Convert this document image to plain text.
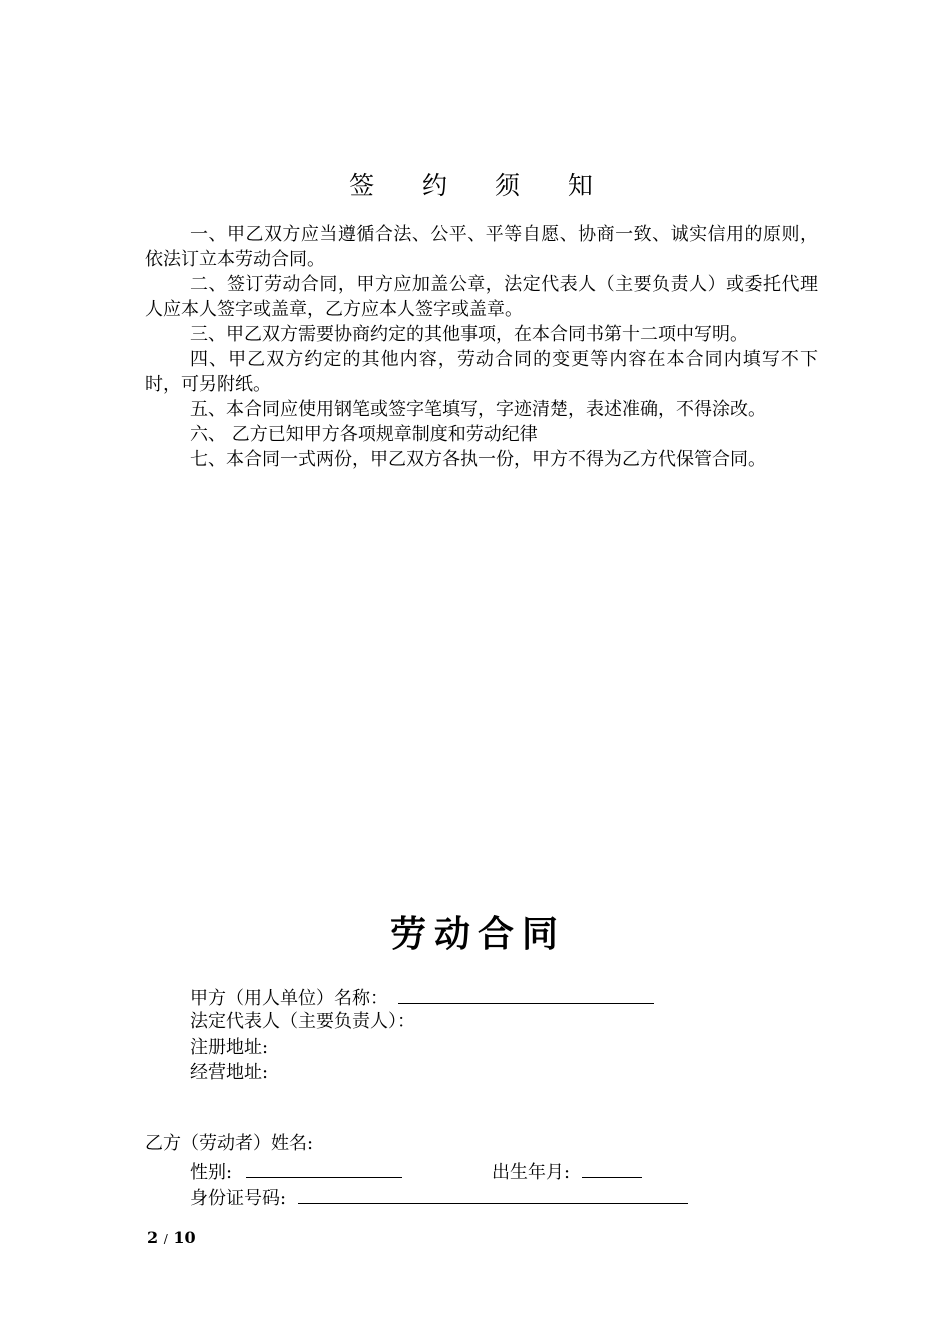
签 约 须 知

一、甲乙双方应当遵循合法、公平、平等自愿、协商一致、诚实信用的原则，依法订立本劳动合同。

二、签订劳动合同，甲方应加盖公章，法定代表人（主要负责人）或委托代理人应本人签字或盖章，乙方应本人签字或盖章。

三、甲乙双方需要协商约定的其他事项，在本合同书第十二项中写明。

四、甲乙双方约定的其他内容，劳动合同的变更等内容在本合同内填写不下时，可另附纸。

五、本合同应使用钢笔或签字笔填写，字迹清楚，表述准确，不得涂改。

六、 乙方已知甲方各项规章制度和劳动纪律

七、本合同一式两份，甲乙双方各执一份，甲方不得为乙方代保管合同。

劳动合同
甲方（用人单位）名称：
法定代表人（主要负责人）：
注册地址:
经营地址:
乙方（劳动者）姓名:
性别:	出生年月:
身份证号码:
2 / 10
